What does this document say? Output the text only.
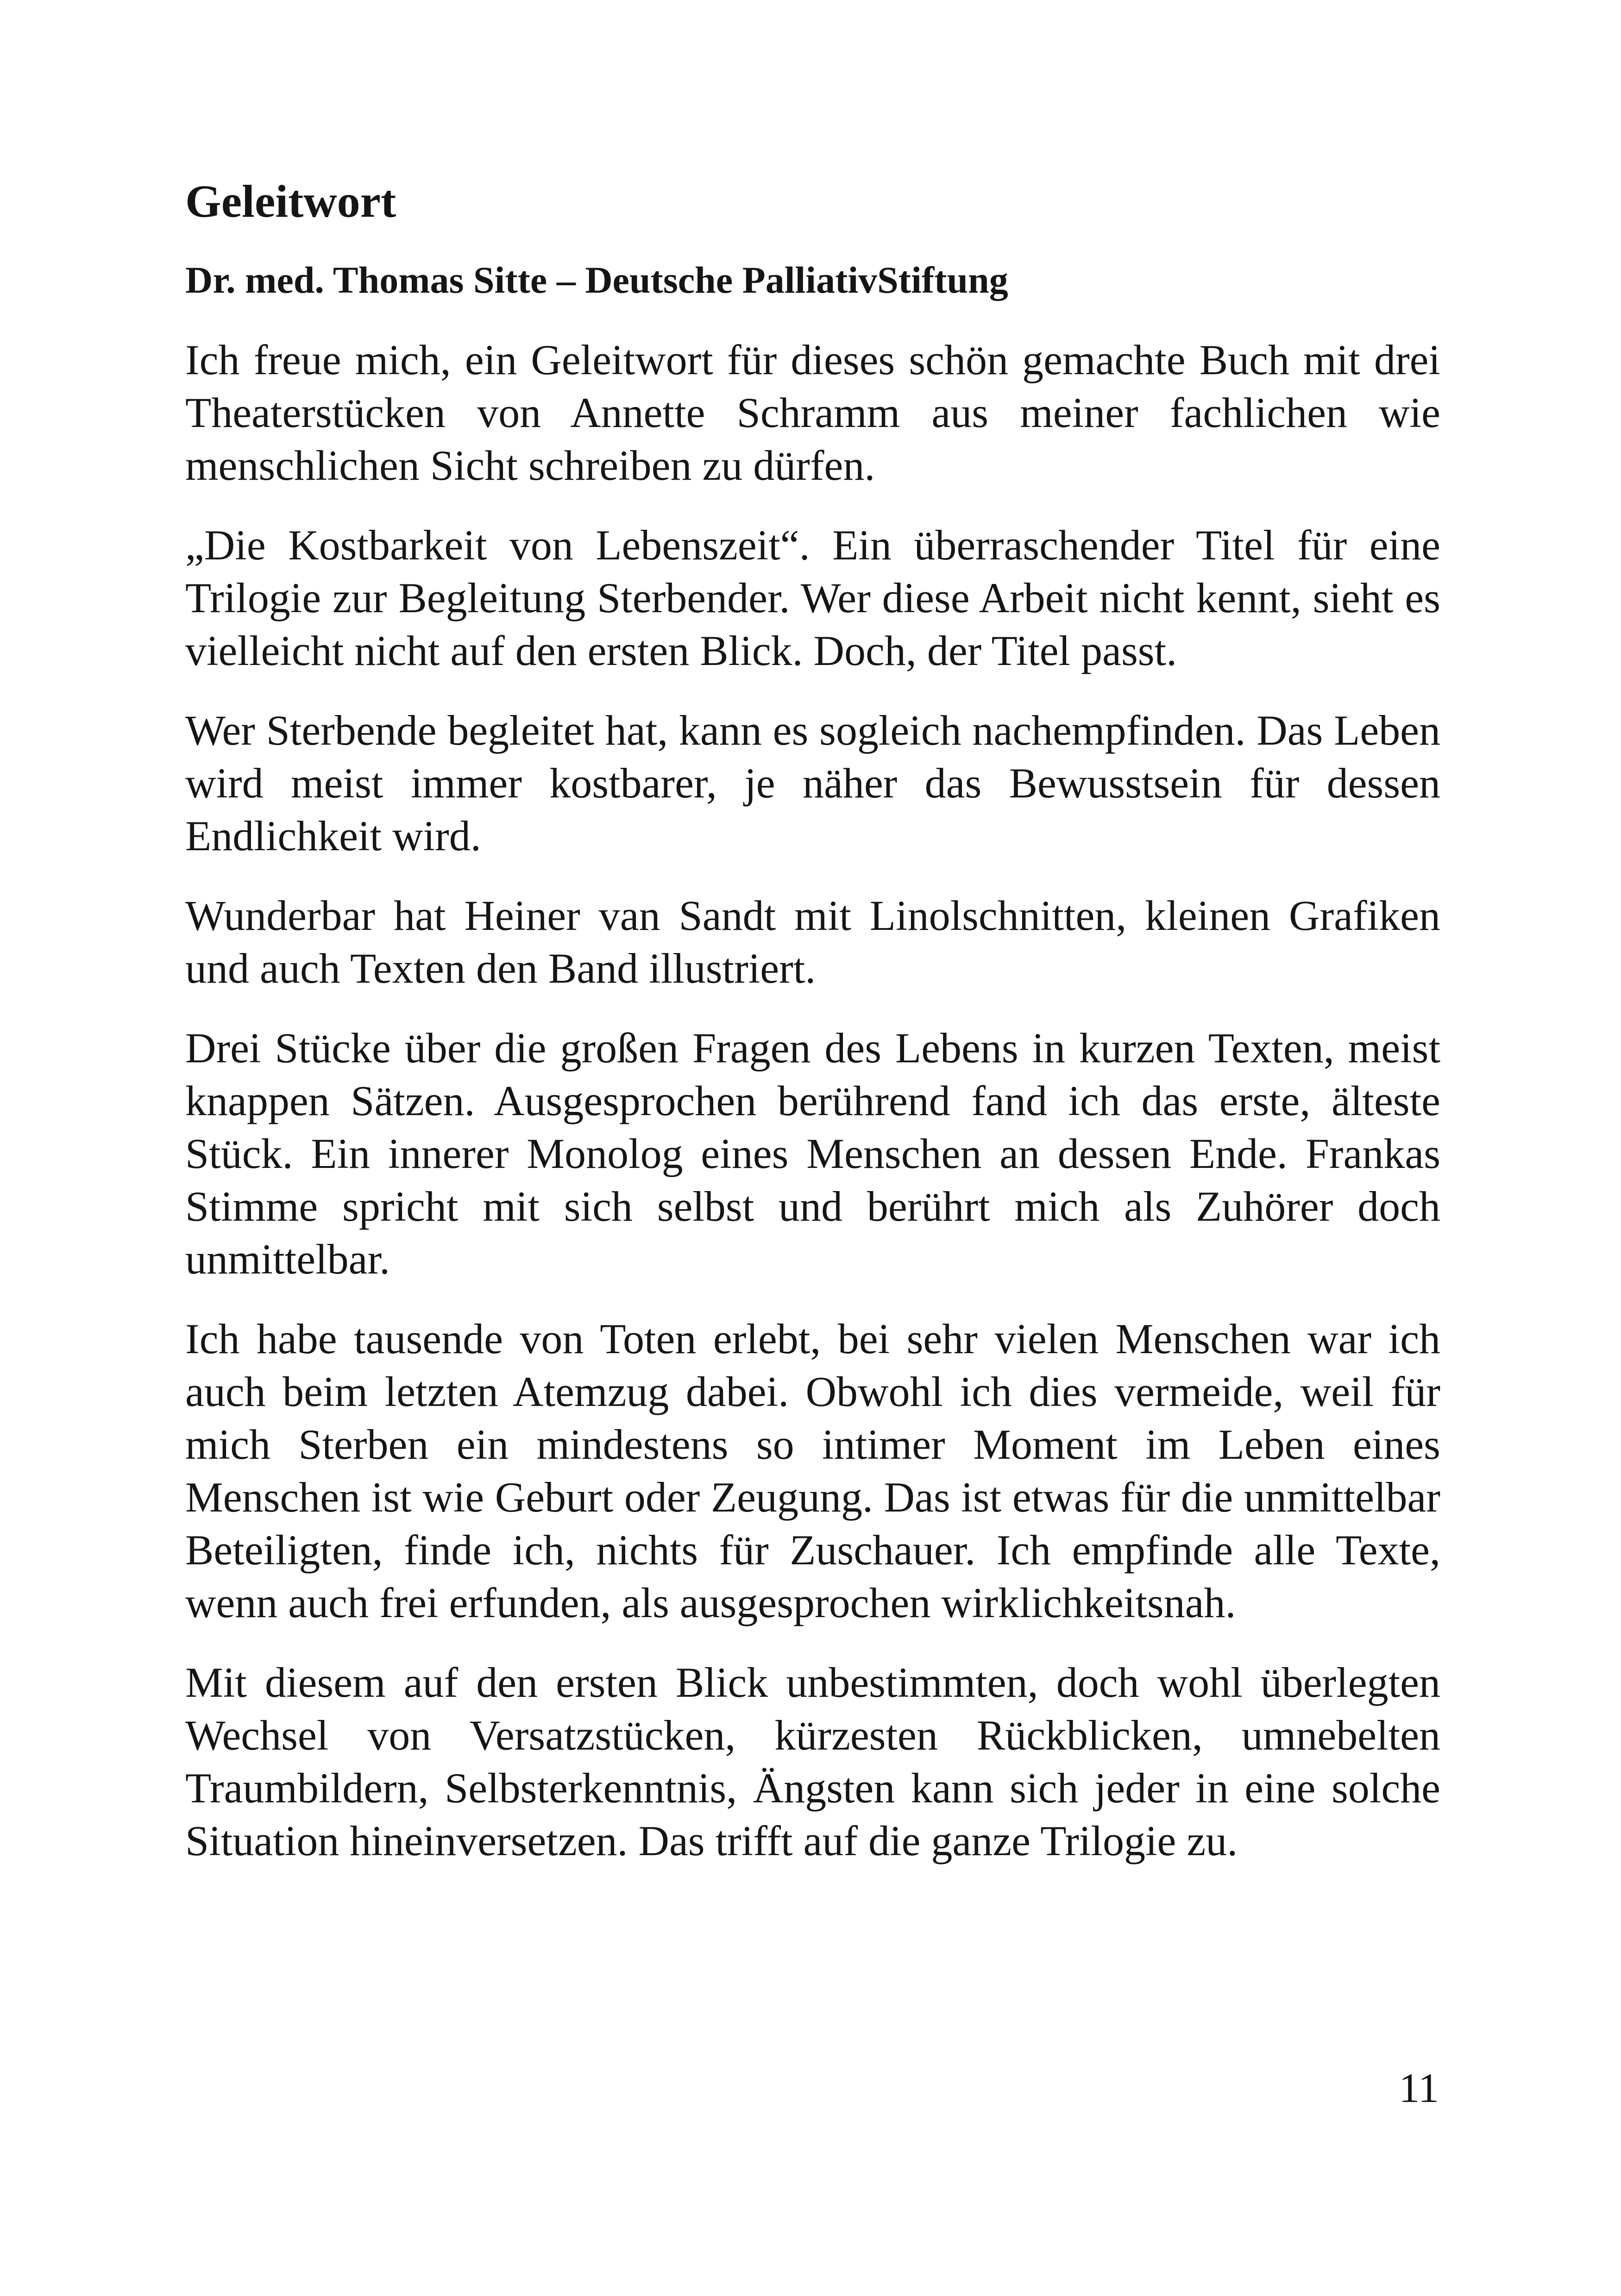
Geleitwort
Dr. med. Thomas Sitte – Deutsche PalliativStiftung

Ich freue mich, ein Geleitwort für dieses schön gemachte Buch mit drei Theaterstücken von Annette Schramm aus meiner fachlichen wie menschlichen Sicht schreiben zu dürfen.

„Die Kostbarkeit von Lebenszeit“. Ein überraschender Titel für eine Trilogie zur Begleitung Sterbender. Wer diese Arbeit nicht kennt, sieht es vielleicht nicht auf den ersten Blick. Doch, der Titel passt.

Wer Sterbende begleitet hat, kann es sogleich nachempfinden. Das Leben wird meist immer kostbarer, je näher das Bewusstsein für dessen Endlichkeit wird.

Wunderbar hat Heiner van Sandt mit Linolschnitten, kleinen Grafiken und auch Texten den Band illustriert.

Drei Stücke über die großen Fragen des Lebens in kurzen Texten, meist knappen Sätzen. Ausgesprochen berührend fand ich das erste, älteste Stück. Ein innerer Monolog eines Menschen an dessen Ende. Frankas Stimme spricht mit sich selbst und berührt mich als Zuhörer doch unmittelbar.

Ich habe tausende von Toten erlebt, bei sehr vielen Menschen war ich auch beim letzten Atemzug dabei. Obwohl ich dies vermeide, weil für mich Sterben ein mindestens so intimer Moment im Leben eines Menschen ist wie Geburt oder Zeugung. Das ist etwas für die unmittelbar Beteiligten, finde ich, nichts für Zuschauer. Ich empfinde alle Texte, wenn auch frei erfunden, als ausgesprochen wirklichkeitsnah.

Mit diesem auf den ersten Blick unbestimmten, doch wohl überlegten Wechsel von Versatzstücken, kürzesten Rückblicken, umnebelten Traumbildern, Selbsterkenntnis, Ängsten kann sich jeder in eine solche Situation hineinversetzen. Das trifft auf die ganze Trilogie zu.

11
